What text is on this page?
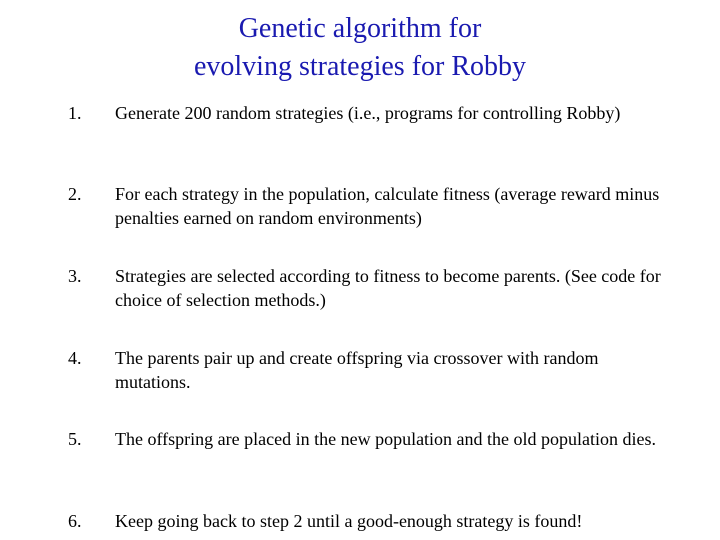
Genetic algorithm for
evolving strategies for Robby
1. Generate 200 random strategies (i.e., programs for controlling Robby)
2. For each strategy in the population, calculate fitness (average reward minus penalties earned on random environments)
3. Strategies are selected according to fitness to become parents. (See code for choice of selection methods.)
4. The parents pair up and create offspring via crossover with random mutations.
5. The offspring are placed in the new population and the old population dies.
6. Keep going back to step 2 until a good-enough strategy is found!
